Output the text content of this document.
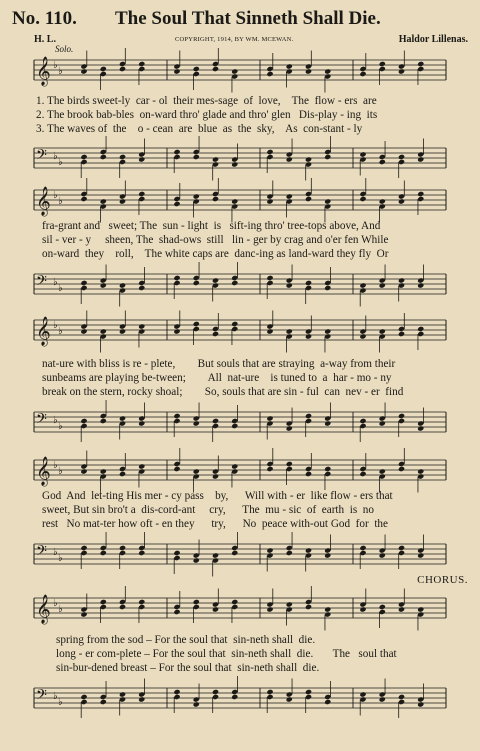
No. 110. The Soul That Sinneth Shall Die.
H. L.	COPYRIGHT, 1914, BY WM. MCEWAN.	Haldor Lillenas.
Solo.
CHORUS.
𝄞 ♭
♭
1. The birds sweet-ly  car - ol  their mes-sage  of  love,    The  flow - ers  are
2. The brook bab-bles  on-ward thro' glade and thro' glen   Dis-play - ing  its
3. The waves of  the    o - cean  are  blue  as  the  sky,    As  con-stant - ly
𝄢 ♭
♭
𝄞 ♭
♭
fra-grant and   sweet; The  sun - light  is   sift-ing thro' tree-tops above, And
sil - ver - y     sheen, The  shad-ows  still   lin - ger by crag and o'er fen While
on-ward  they    roll,    The white caps are  danc-ing as land-ward they fly  Or
𝄢 ♭
♭
𝄞 ♭
♭
nat-ure with bliss is re - plete,        But souls that are straying  a-way from their
sunbeams are playing be-tween;        All  nat-ure    is tuned to  a  har - mo - ny
break on the stern, rocky shoal;        So, souls that are sin - ful  can  nev - er  find
𝄢 ♭
♭
𝄞 ♭
♭
God  And  let-ting His mer - cy pass    by,      Will with - er  like flow - ers that
sweet, But sin bro't a  dis-cord-ant     cry,      The  mu - sic  of  earth  is  no
rest   No mat-ter how oft - en they      try,      No  peace with-out God  for  the
𝄢 ♭
♭
𝄞 ♭
♭
spring from the sod – For the soul that  sin-neth shall  die.
long - er com-plete – For the soul that  sin-neth shall  die.       The   soul that
sin-bur-dened breast – For the soul that  sin-neth shall  die.
𝄢 ♭
♭
